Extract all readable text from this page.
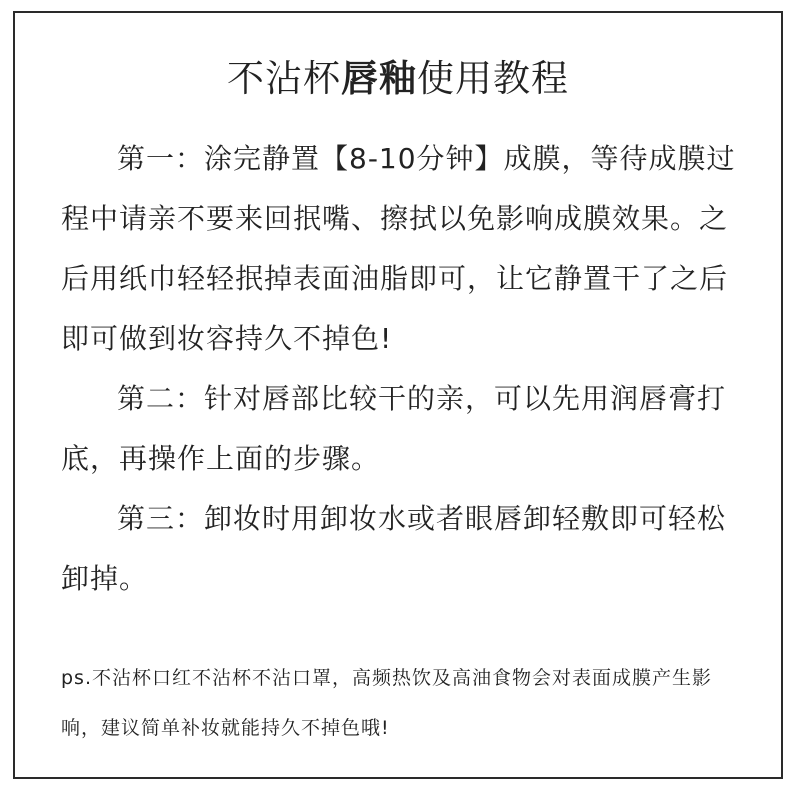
不沾杯唇釉使用教程

第一：涂完静置【8-10分钟】成膜，等待成膜过程中请亲不要来回抿嘴、擦拭以免影响成膜效果。之后用纸巾轻轻抿掉表面油脂即可，让它静置干了之后即可做到妆容持久不掉色!

第二：针对唇部比较干的亲，可以先用润唇膏打底，再操作上面的步骤。

第三：卸妆时用卸妆水或者眼唇卸轻敷即可轻松卸掉。

ps.不沾杯口红不沾杯不沾口罩，高频热饮及高油食物会对表面成膜产生影响，建议简单补妆就能持久不掉色哦!
